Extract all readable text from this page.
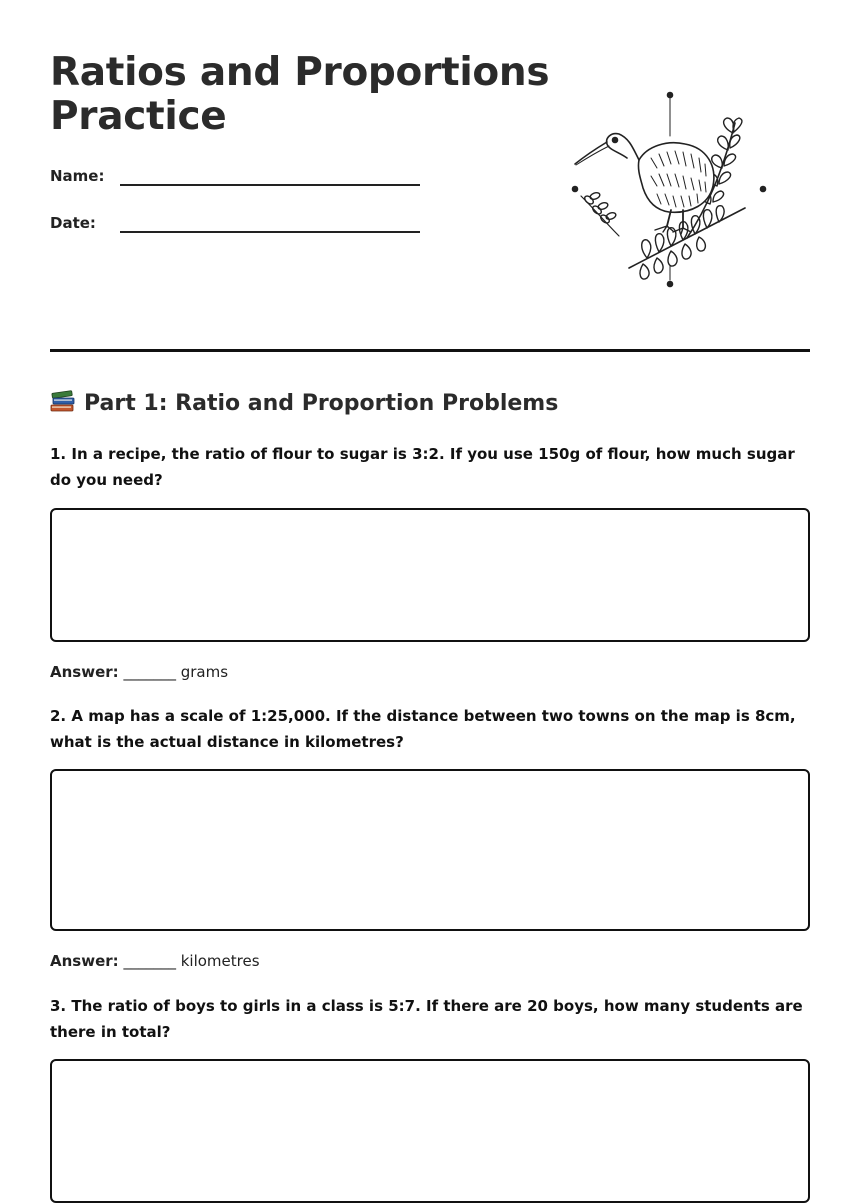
Ratios and Proportions
Practice
Name:
Date:
Part 1: Ratio and Proportion Problems

1. In a recipe, the ratio of flour to sugar is 3:2. If you use 150g of flour, how much sugar do you need?

Answer: _______ grams

2. A map has a scale of 1:25,000. If the distance between two towns on the map is 8cm, what is the actual distance in kilometres?

Answer: _______ kilometres

3. The ratio of boys to girls in a class is 5:7. If there are 20 boys, how many students are there in total?
